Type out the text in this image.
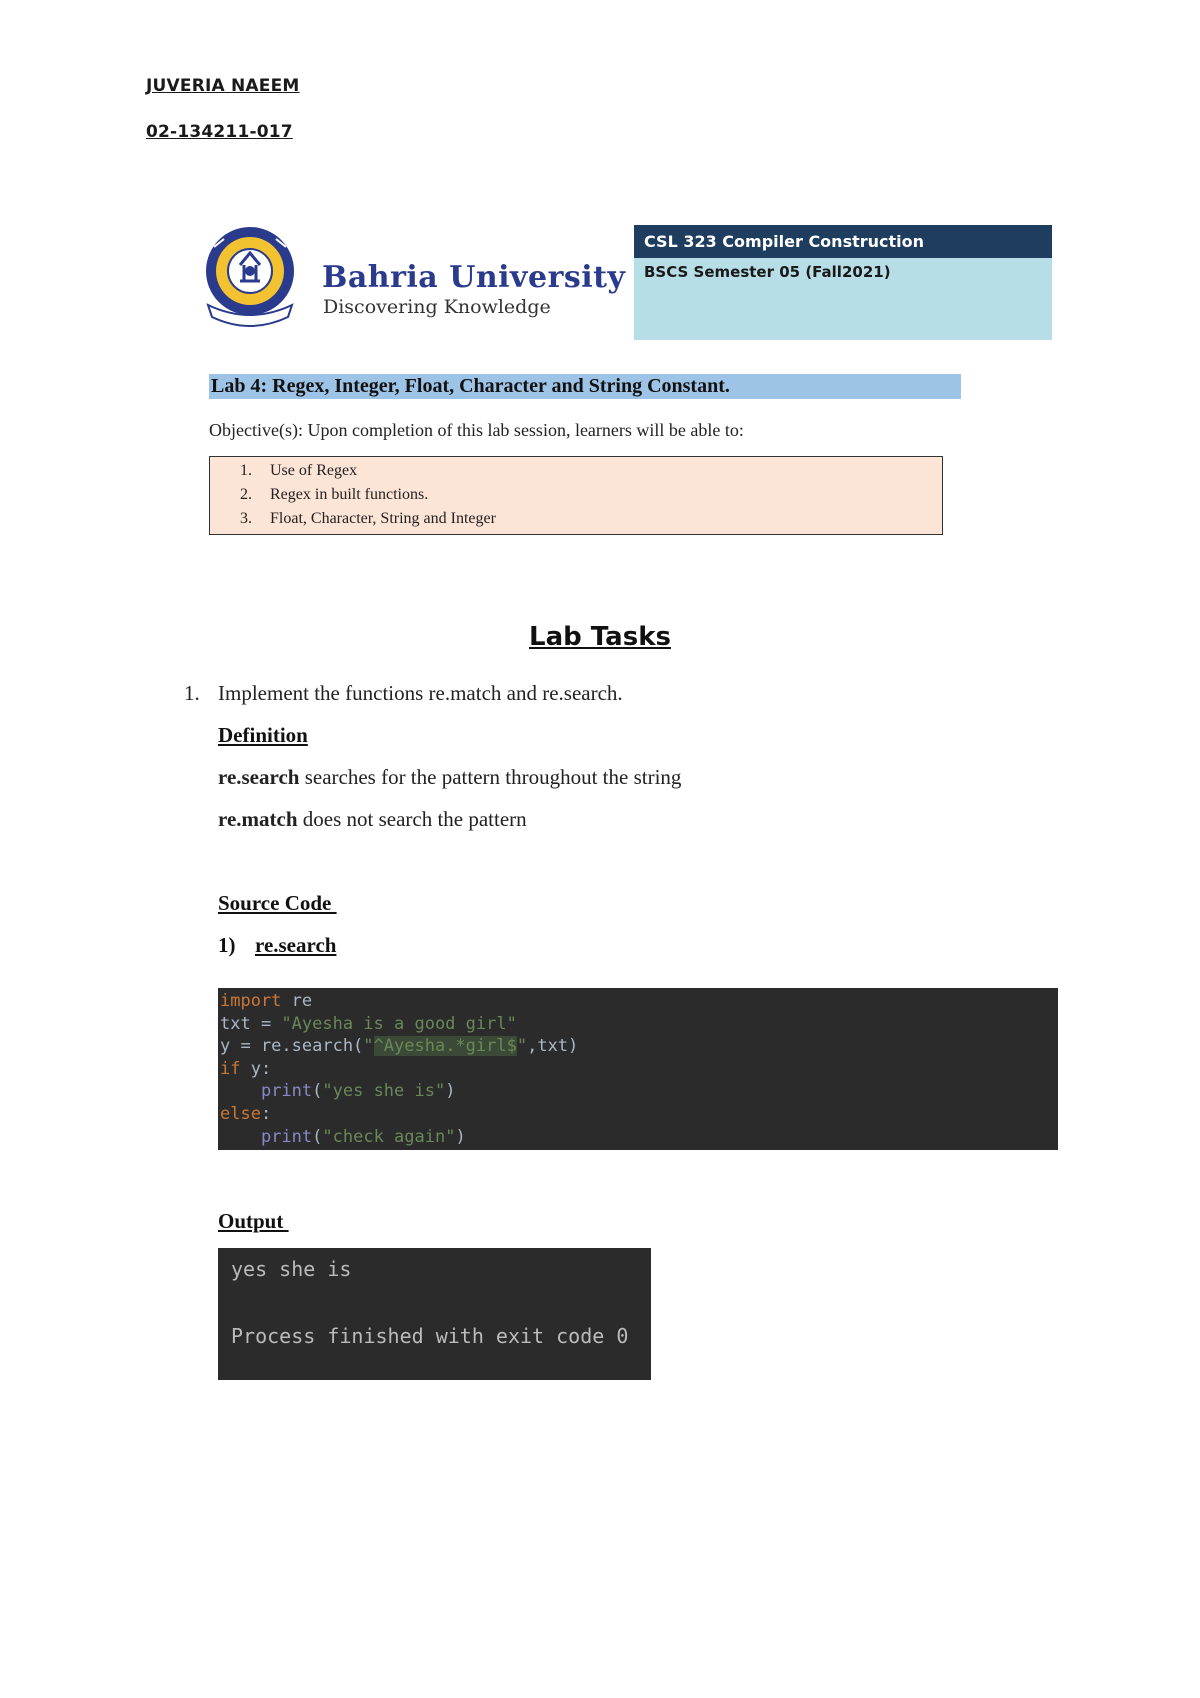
JUVERIA NAEEM
02-134211-017
Bahria University
Discovering Knowledge
CSL 323 Compiler Construction
BSCS Semester 05 (Fall2021)
Lab 4: Regex, Integer, Float, Character and String Constant.
Objective(s): Upon completion of this lab session, learners will be able to:
1. Use of Regex
2. Regex in built functions.
3. Float, Character, String and Integer
Lab Tasks
1. Implement the functions re.match and re.search.
Definition
re.search searches for the pattern throughout the string
re.match does not search the pattern
Source Code
1) re.search
import re
txt = "Ayesha is a good girl"
y = re.search("^Ayesha.*girl$",txt)
if y:
print("yes she is")
else:
print("check again")
Output
yes she is
Process finished with exit code 0
